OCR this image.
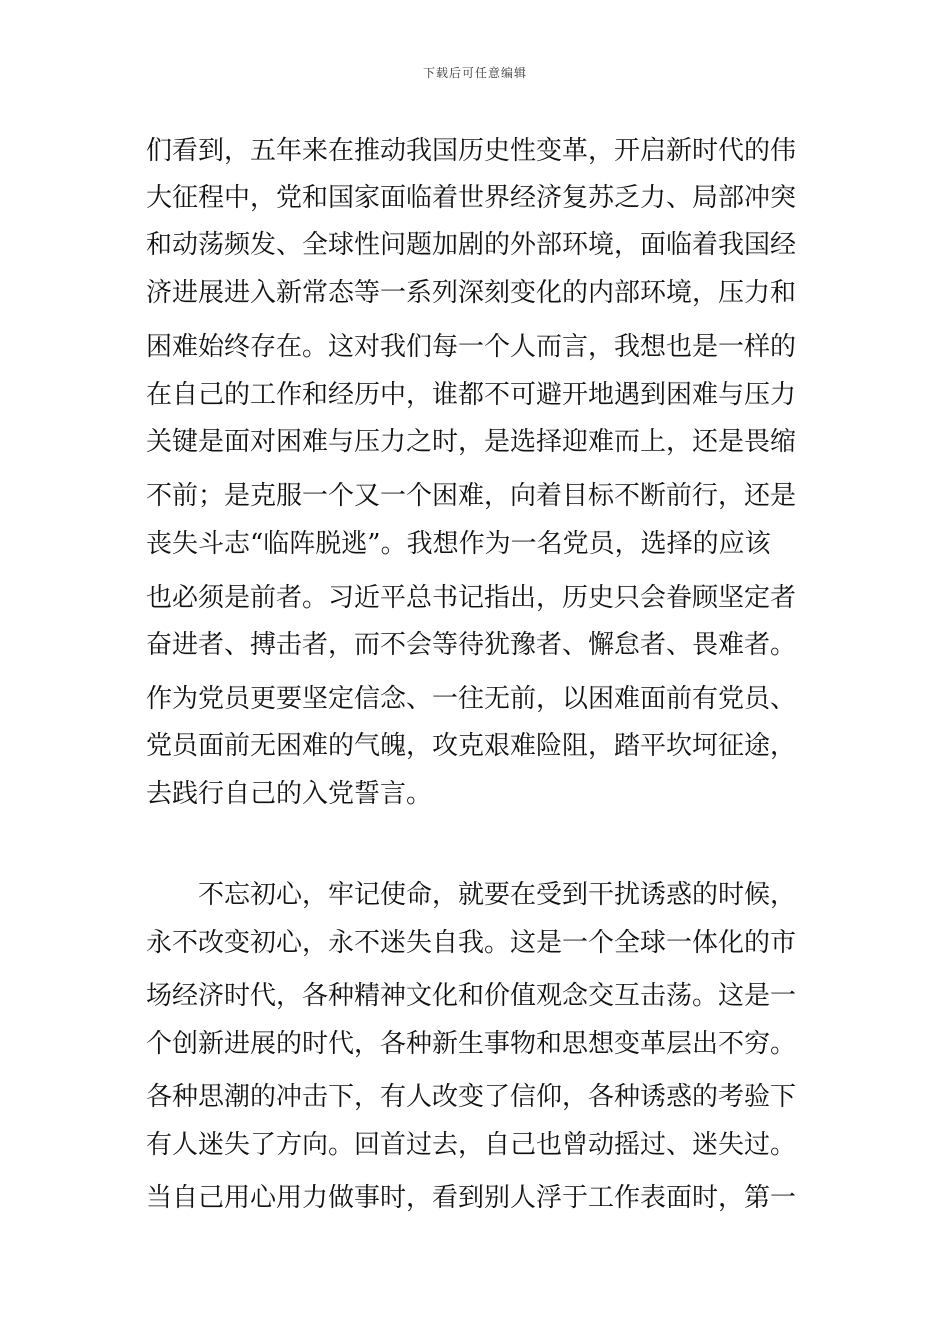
下载后可任意编辑
们看到，五年来在推动我国历史性变革，开启新时代的伟
大征程中，党和国家面临着世界经济复苏乏力、局部冲突
和动荡频发、全球性问题加剧的外部环境，面临着我国经
济进展进入新常态等一系列深刻变化的内部环境，压力和
困难始终存在。这对我们每一个人而言，我想也是一样的
在自己的工作和经历中，谁都不可避开地遇到困难与压力
关键是面对困难与压力之时，是选择迎难而上，还是畏缩
不前；是克服一个又一个困难，向着目标不断前行，还是
丧失斗志“临阵脱逃”。我想作为一名党员，选择的应该
也必须是前者。习近平总书记指出，历史只会眷顾坚定者
奋进者、搏击者，而不会等待犹豫者、懈怠者、畏难者。
作为党员更要坚定信念、一往无前，以困难面前有党员、
党员面前无困难的气魄，攻克艰难险阻，踏平坎坷征途，
去践行自己的入党誓言。
不忘初心，牢记使命，就要在受到干扰诱惑的时候，
永不改变初心，永不迷失自我。这是一个全球一体化的市
场经济时代，各种精神文化和价值观念交互击荡。这是一
个创新进展的时代，各种新生事物和思想变革层出不穷。
各种思潮的冲击下，有人改变了信仰，各种诱惑的考验下
有人迷失了方向。回首过去，自己也曾动摇过、迷失过。
当自己用心用力做事时，看到别人浮于工作表面时，第一
